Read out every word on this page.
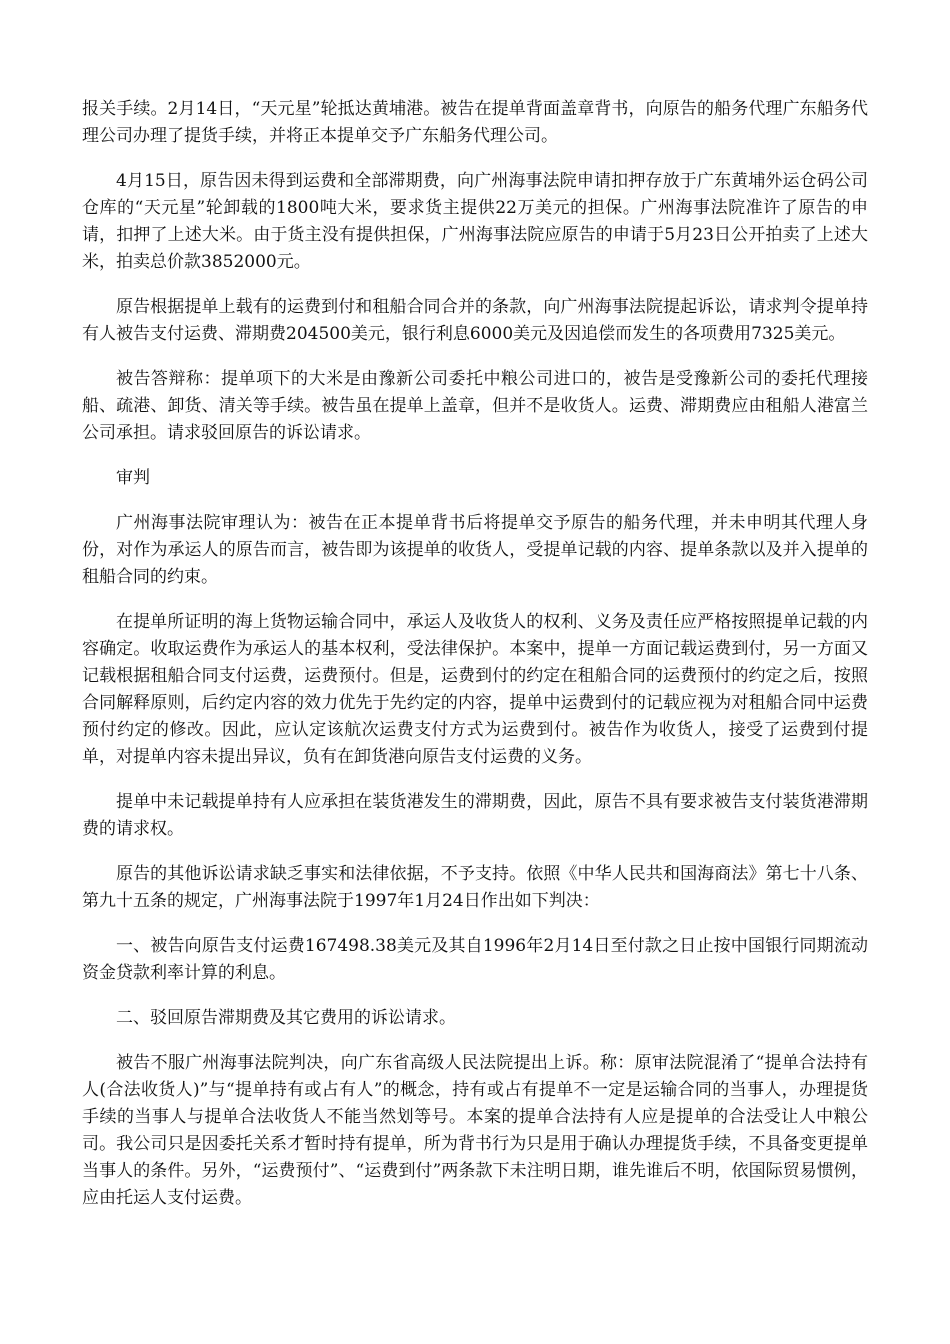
报关手续。2月14日，“天元星”轮抵达黄埔港。被告在提单背面盖章背书，向原告的船务代理广东船务代理公司办理了提货手续，并将正本提单交予广东船务代理公司。

4月15日，原告因未得到运费和全部滞期费，向广州海事法院申请扣押存放于广东黄埔外运仓码公司仓库的“天元星”轮卸载的1800吨大米，要求货主提供22万美元的担保。广州海事法院准许了原告的申请，扣押了上述大米。由于货主没有提供担保，广州海事法院应原告的申请于5月23日公开拍卖了上述大米，拍卖总价款3852000元。

原告根据提单上载有的运费到付和租船合同合并的条款，向广州海事法院提起诉讼，请求判令提单持有人被告支付运费、滞期费204500美元，银行利息6000美元及因追偿而发生的各项费用7325美元。

被告答辩称：提单项下的大米是由豫新公司委托中粮公司进口的，被告是受豫新公司的委托代理接船、疏港、卸货、清关等手续。被告虽在提单上盖章，但并不是收货人。运费、滞期费应由租船人港富兰公司承担。请求驳回原告的诉讼请求。

审判

广州海事法院审理认为：被告在正本提单背书后将提单交予原告的船务代理，并未申明其代理人身份，对作为承运人的原告而言，被告即为该提单的收货人，受提单记载的内容、提单条款以及并入提单的租船合同的约束。

在提单所证明的海上货物运输合同中，承运人及收货人的权利、义务及责任应严格按照提单记载的内容确定。收取运费作为承运人的基本权利，受法律保护。本案中，提单一方面记载运费到付，另一方面又记载根据租船合同支付运费，运费预付。但是，运费到付的约定在租船合同的运费预付的约定之后，按照合同解释原则，后约定内容的效力优先于先约定的内容，提单中运费到付的记载应视为对租船合同中运费预付约定的修改。因此，应认定该航次运费支付方式为运费到付。被告作为收货人，接受了运费到付提单，对提单内容未提出异议，负有在卸货港向原告支付运费的义务。

提单中未记载提单持有人应承担在装货港发生的滞期费，因此，原告不具有要求被告支付装货港滞期费的请求权。

原告的其他诉讼请求缺乏事实和法律依据，不予支持。依照《中华人民共和国海商法》第七十八条、第九十五条的规定，广州海事法院于1997年1月24日作出如下判决：

一、被告向原告支付运费167498.38美元及其自1996年2月14日至付款之日止按中国银行同期流动资金贷款利率计算的利息。

二、驳回原告滞期费及其它费用的诉讼请求。

被告不服广州海事法院判决，向广东省高级人民法院提出上诉。称：原审法院混淆了“提单合法持有人(合法收货人)”与“提单持有或占有人”的概念，持有或占有提单不一定是运输合同的当事人，办理提货手续的当事人与提单合法收货人不能当然划等号。本案的提单合法持有人应是提单的合法受让人中粮公司。我公司只是因委托关系才暂时持有提单，所为背书行为只是用于确认办理提货手续，不具备变更提单当事人的条件。另外，“运费预付”、“运费到付”两条款下未注明日期，谁先谁后不明，依国际贸易惯例，应由托运人支付运费。
